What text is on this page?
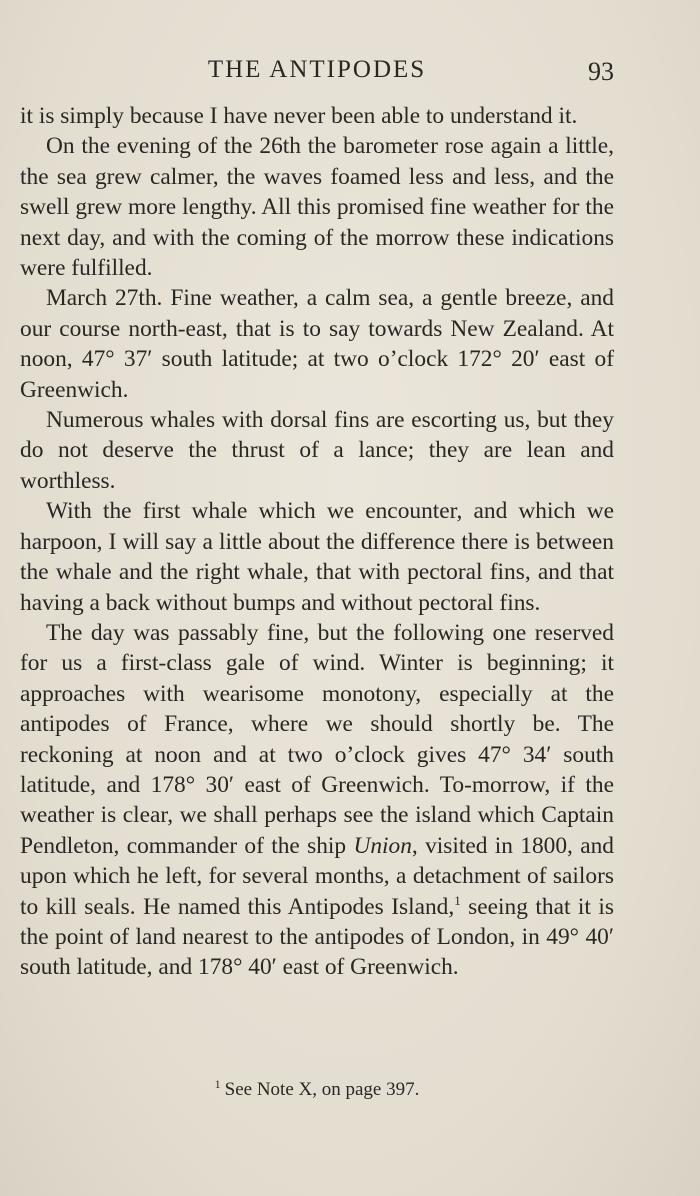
THE ANTIPODES	93

it is simply because I have never been able to understand it.

On the evening of the 26th the barometer rose again a little, the sea grew calmer, the waves foamed less and less, and the swell grew more lengthy. All this promised fine weather for the next day, and with the coming of the morrow these indications were fulfilled.

March 27th. Fine weather, a calm sea, a gentle breeze, and our course north-east, that is to say towards New Zealand. At noon, 47° 37′ south latitude; at two o’clock 172° 20′ east of Greenwich.

Numerous whales with dorsal fins are escorting us, but they do not deserve the thrust of a lance; they are lean and worthless.

With the first whale which we encounter, and which we harpoon, I will say a little about the difference there is between the whale and the right whale, that with pectoral fins, and that having a back without bumps and without pectoral fins.

The day was passably fine, but the following one reserved for us a first-class gale of wind. Winter is beginning; it approaches with wearisome monotony, especially at the antipodes of France, where we should shortly be. The reckoning at noon and at two o’clock gives 47° 34′ south latitude, and 178° 30′ east of Greenwich. To-morrow, if the weather is clear, we shall perhaps see the island which Captain Pendleton, commander of the ship Union, visited in 1800, and upon which he left, for several months, a detachment of sailors to kill seals. He named this Antipodes Island,$^1$ seeing that it is the point of land nearest to the antipodes of London, in 49° 40′ south latitude, and 178° 40′ east of Greenwich.

$^1$ See Note X, on page 397.
